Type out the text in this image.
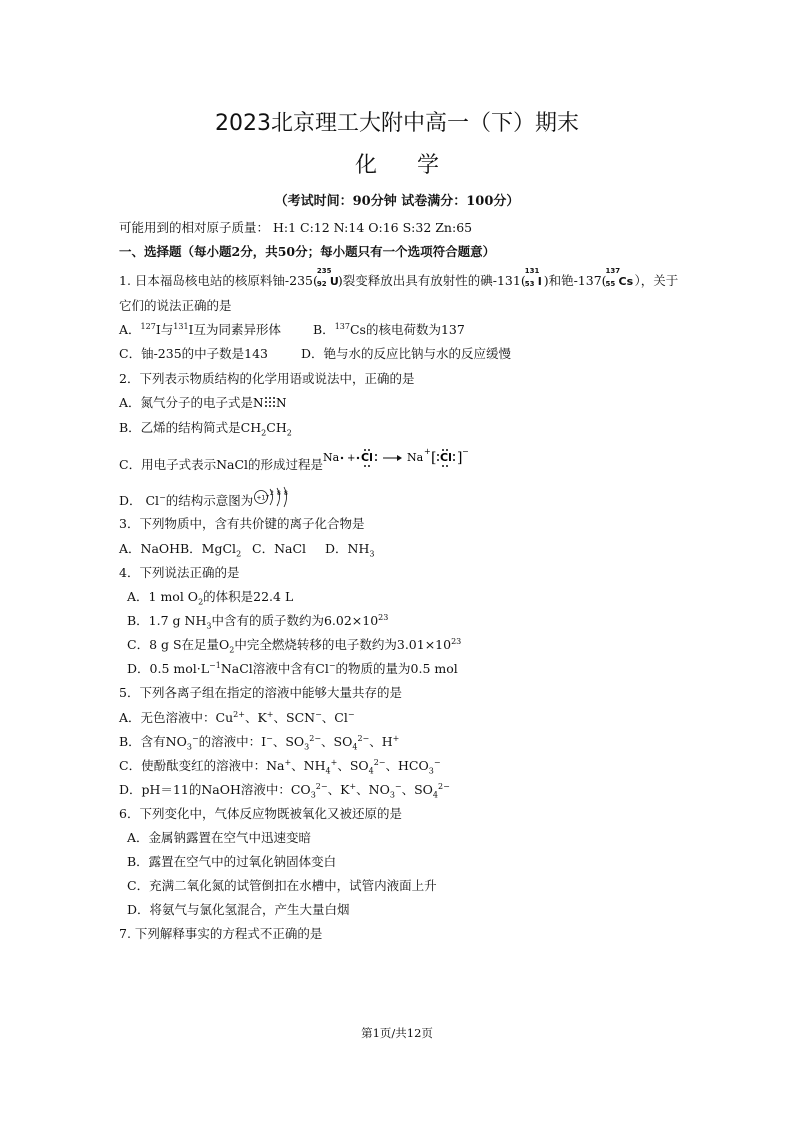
2023北京理工大附中高一（下）期末
化学
（考试时间：90分钟 试卷满分：100分）
可能用到的相对原子质量： H:1 C:12 N:14 O:16 S:32 Zn:65
一、选择题（每小题2分，共50分；每小题只有一个选项符合题意）
1. 日本福岛核电站的核原料铀-235(
235
92 U)裂变释放出具有放射性的碘-131(
131
53 I )和铯-137(
137
55 Cs），关于
它们的说法正确的是
A．$^{127}$I与$^{131}$I互为同素异形体	B．$^{137}$Cs的核电荷数为137
C．铀-235的中子数是143	D．铯与水的反应比钠与水的反应缓慢
2．下列表示物质结构的化学用语或说法中，正确的是
A．氮气分子的电子式是 N N
B．乙烯的结构简式是$CH_2CH_2$
C．用电子式表示NaCl的形成过程是 Na + Cl	Na + [ Cl ] −
D． Cl−的结构示意图为 +17
2 8 8
3．下列物质中，含有共价键的离子化合物是
A．NaOH B．MgCl$_2$ C．NaCl D．$NH_3$
4．下列说法正确的是
A．1 mol $O_2$的体积是22.4 L
B．1.7 g $NH_3$中含有的质子数约为$6.02\times 10^{23}$
C．8 g S在足量$O_2$中完全燃烧转移的电子数约为$3.01\times 10^{23}$
D．0.5 $mol\cdot L^{-1}NaCl$溶液中含有Cl−的物质的量为0.5 mol
5．下列各离子组在指定的溶液中能够大量共存的是
A．无色溶液中：$Cu^{2+}$、K+、SCN−、Cl−
B．含有$NO_3^-$的溶液中：I−、$SO_3^{2-}$、$SO_4^{2-}$、H+
C．使酚酞变红的溶液中：Na+、$NH_4^+$、$SO_4^{2-}$、$HCO_3^-$
D．pH＝11的NaOH溶液中：$CO_3^{2-}$、K+、$NO_3^-$、$SO_4^{2-}$
6．下列变化中，气体反应物既被氧化又被还原的是
A．金属钠露置在空气中迅速变暗
B．露置在空气中的过氧化钠固体变白
C．充满二氧化氮的试管倒扣在水槽中，试管内液面上升
D．将氨气与氯化氢混合，产生大量白烟
7. 下列解释事实的方程式不正确的是
第1页/共12页
